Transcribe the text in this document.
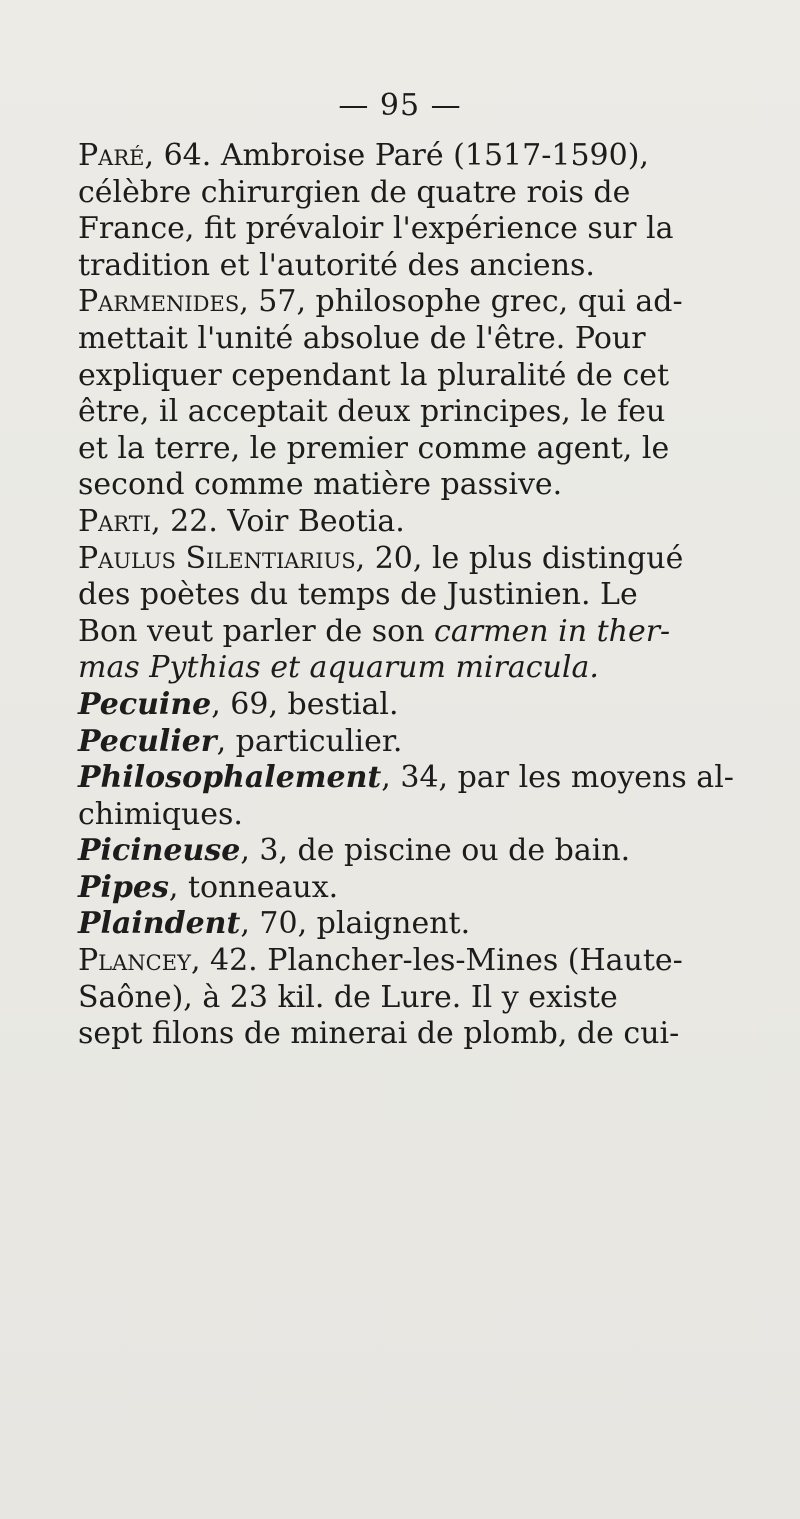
— 95 —

Paré, 64. Ambroise Paré (1517-1590),
célèbre chirurgien de quatre rois de
France, fit prévaloir l'expérience sur la
tradition et l'autorité des anciens.

Parmenides, 57, philosophe grec, qui ad-
mettait l'unité absolue de l'être. Pour
expliquer cependant la pluralité de cet
être, il acceptait deux principes, le feu
et la terre, le premier comme agent, le
second comme matière passive.

Parti, 22. Voir Beotia.

Paulus Silentiarius, 20, le plus distingué
des poètes du temps de Justinien. Le
Bon veut parler de son carmen in ther-
mas Pythias et aquarum miracula.

Pecuine, 69, bestial.

Peculier, particulier.

Philosophalement, 34, par les moyens al-
chimiques.

Picineuse, 3, de piscine ou de bain.

Pipes, tonneaux.

Plaindent, 70, plaignent.

Plancey, 42. Plancher-les-Mines (Haute-
Saône), à 23 kil. de Lure. Il y existe
sept filons de minerai de plomb, de cui-
